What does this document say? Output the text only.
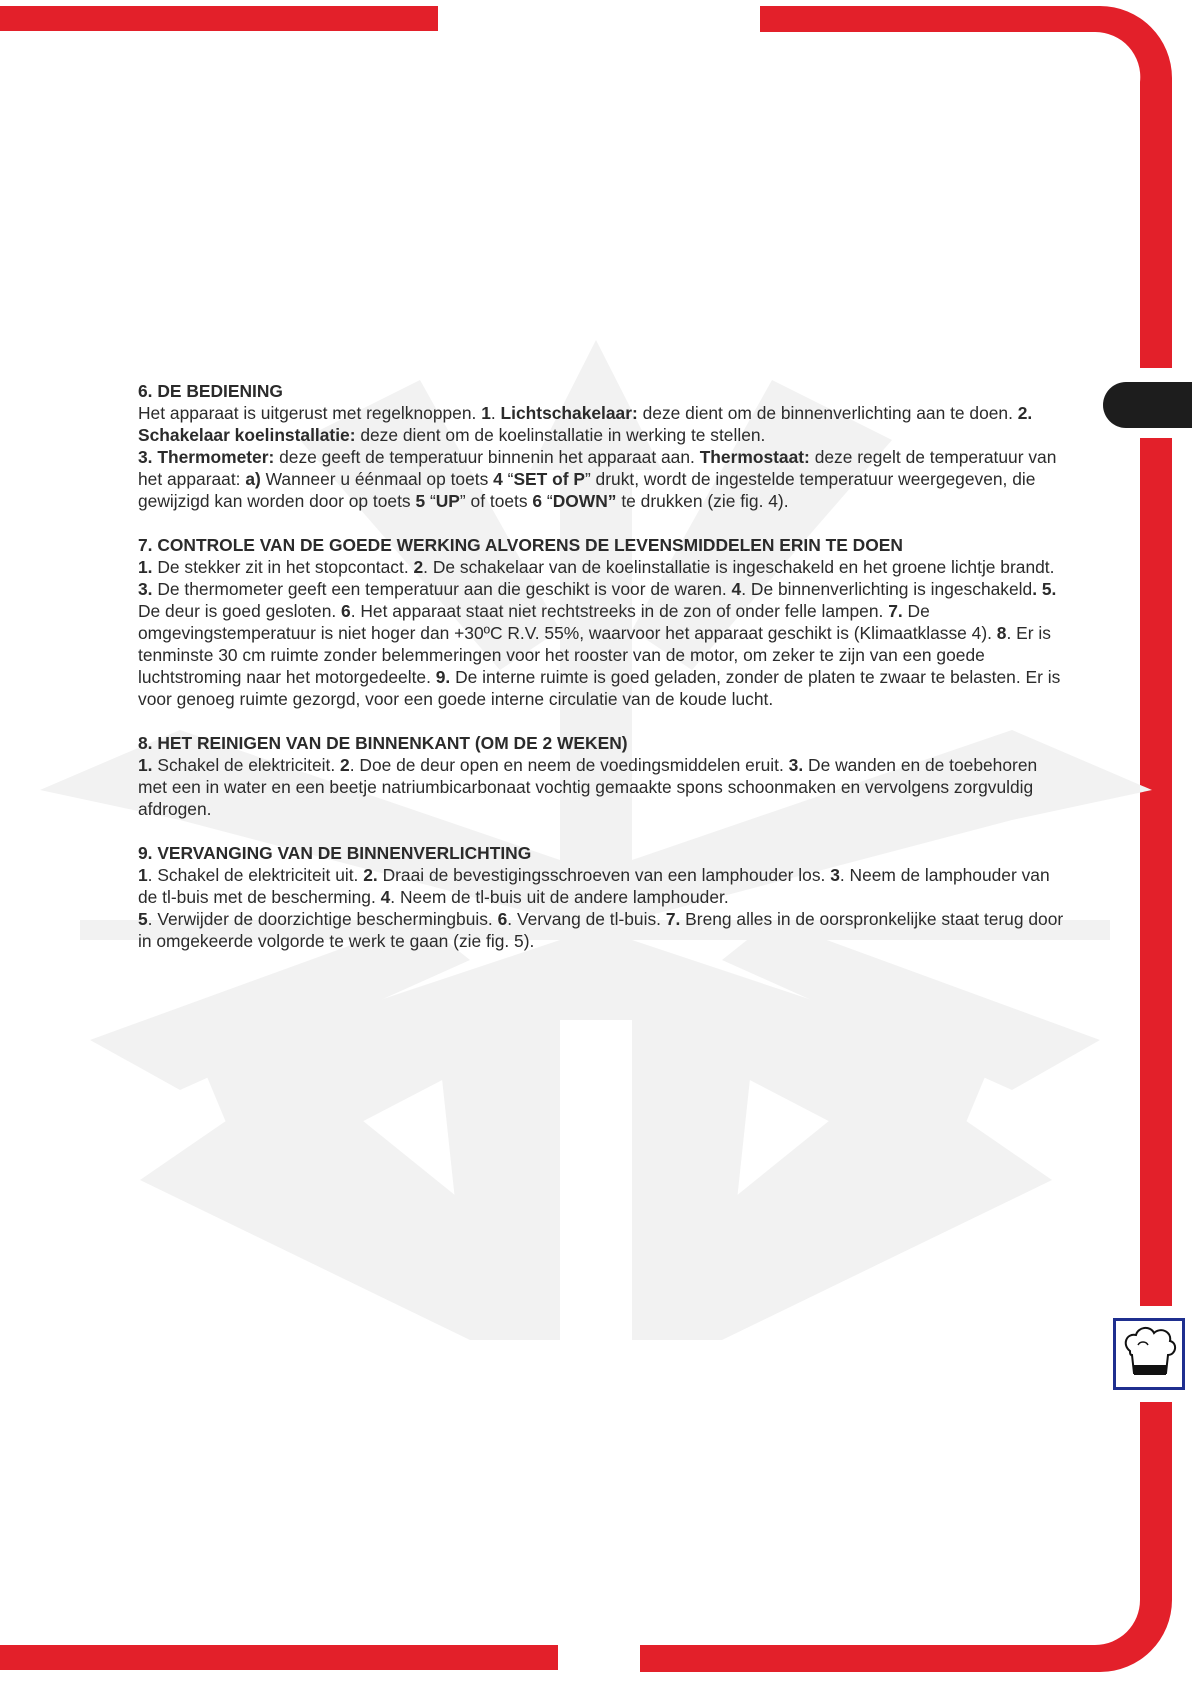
6. DE BEDIENING
Het apparaat is uitgerust met regelknoppen. 1. Lichtschakelaar: deze dient om de binnenverlichting aan te doen. 2. Schakelaar koelinstallatie: deze dient om de koelinstallatie in werking te stellen.
3. Thermometer: deze geeft de temperatuur binnenin het apparaat aan. Thermostaat: deze regelt de temperatuur van het apparaat: a) Wanneer u éénmaal op toets 4 “SET of P” drukt, wordt de ingestelde temperatuur weergegeven, die gewijzigd kan worden door op toets 5 “UP” of toets 6 “DOWN” te drukken (zie fig. 4).
7. CONTROLE VAN DE GOEDE WERKING ALVORENS DE LEVENSMIDDELEN ERIN TE DOEN
1. De stekker zit in het stopcontact. 2. De schakelaar van de koelinstallatie is ingeschakeld en het groene lichtje brandt. 3. De thermometer geeft een temperatuur aan die geschikt is voor de waren. 4. De binnenverlichting is ingeschakeld. 5. De deur is goed gesloten. 6. Het apparaat staat niet rechtstreeks in de zon of onder felle lampen. 7. De omgevingstemperatuur is niet hoger dan +30ºC R.V. 55%, waarvoor het apparaat geschikt is (Klimaatklasse 4). 8. Er is tenminste 30 cm ruimte zonder belemmeringen voor het rooster van de motor, om zeker te zijn van een goede luchtstroming naar het motorgedeelte. 9. De interne ruimte is goed geladen, zonder de platen te zwaar te belasten. Er is voor genoeg ruimte gezorgd, voor een goede interne circulatie van de koude lucht.
8. HET REINIGEN VAN DE BINNENKANT (OM DE 2 WEKEN)
1. Schakel de elektriciteit. 2. Doe de deur open en neem de voedingsmiddelen eruit. 3. De wanden en de toebehoren met een in water en een beetje natriumbicarbonaat vochtig gemaakte spons schoonmaken en vervolgens zorgvuldig afdrogen.
9. VERVANGING VAN DE BINNENVERLICHTING
1. Schakel de elektriciteit uit. 2. Draai de bevestigingsschroeven van een lamphouder los. 3. Neem de lamphouder van de tl-buis met de bescherming. 4. Neem de tl-buis uit de andere lamphouder.
5. Verwijder de doorzichtige beschermingbuis. 6. Vervang de tl-buis. 7. Breng alles in de oorspronkelijke staat terug door in omgekeerde volgorde te werk te gaan (zie fig. 5).
